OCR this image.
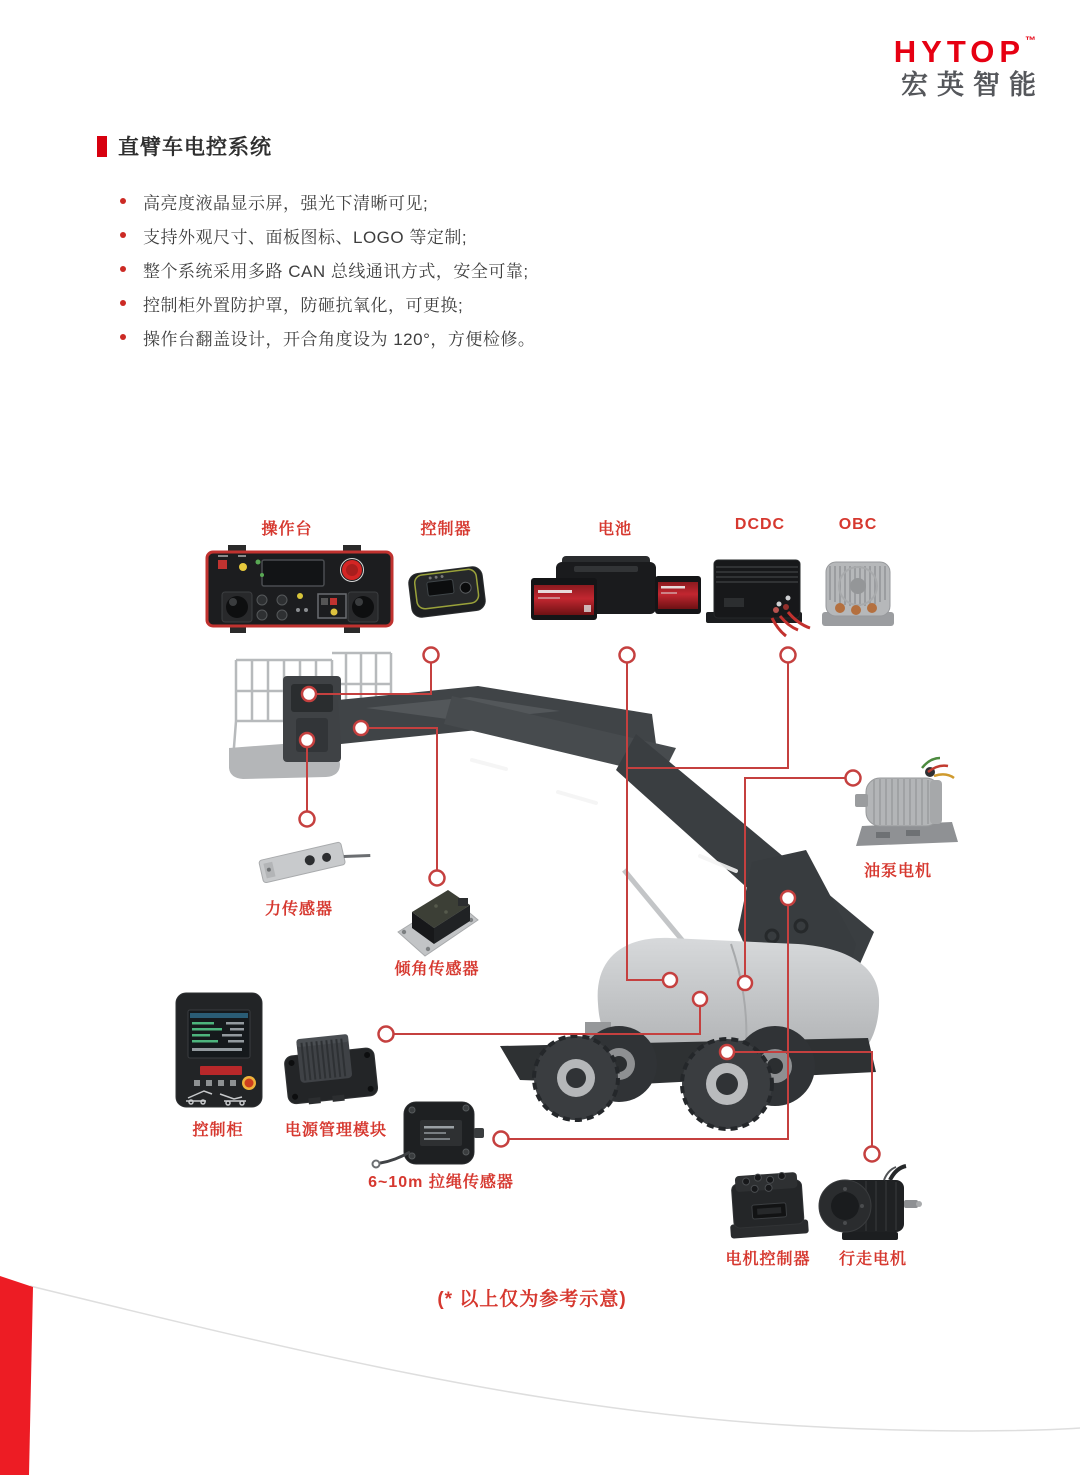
HYTOP™
宏英智能
直臂车电控系统
高亮度液晶显示屏，强光下清晰可见;
支持外观尺寸、面板图标、LOGO 等定制;
整个系统采用多路 CAN 总线通讯方式，安全可靠;
控制柜外置防护罩，防砸抗氧化，可更换;
操作台翻盖设计，开合角度设为 120°，方便检修。
操作台	控制器	电池	DCDC	OBC
油泵电机
力传感器
倾角传感器
控制柜	电源管理模块
6~10m 拉绳传感器
电机控制器 行走电机
(* 以上仅为参考示意)
